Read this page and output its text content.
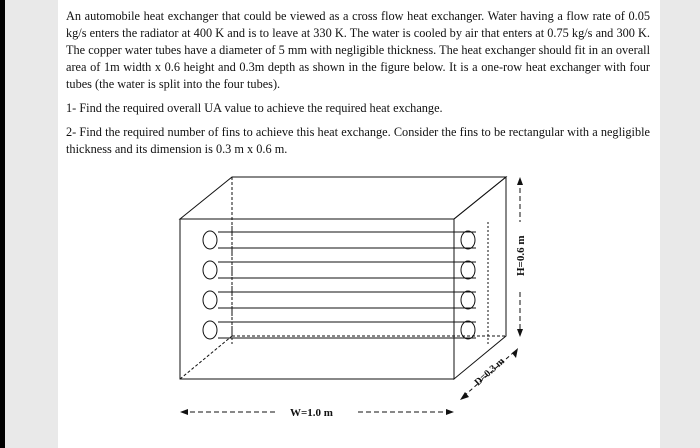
An automobile heat exchanger that could be viewed as a cross flow heat exchanger. Water having a flow rate of 0.05 kg/s enters the radiator at 400 K and is to leave at 330 K. The water is cooled by air that enters at 0.75 kg/s and 300 K. The copper water tubes have a diameter of 5 mm with negligible thickness. The heat exchanger should fit in an overall area of 1m width x 0.6 height and 0.3m depth as shown in the figure below. It is a one-row heat exchanger with four tubes (the water is split into the four tubes).

1- Find the required overall UA value to achieve the required heat exchange.

2- Find the required number of fins to achieve this heat exchange. Consider the fins to be rectangular with a negligible thickness and its dimension is 0.3 m x 0.6 m.

W=1.0 m
H=0.6 m
D=0.3 m
